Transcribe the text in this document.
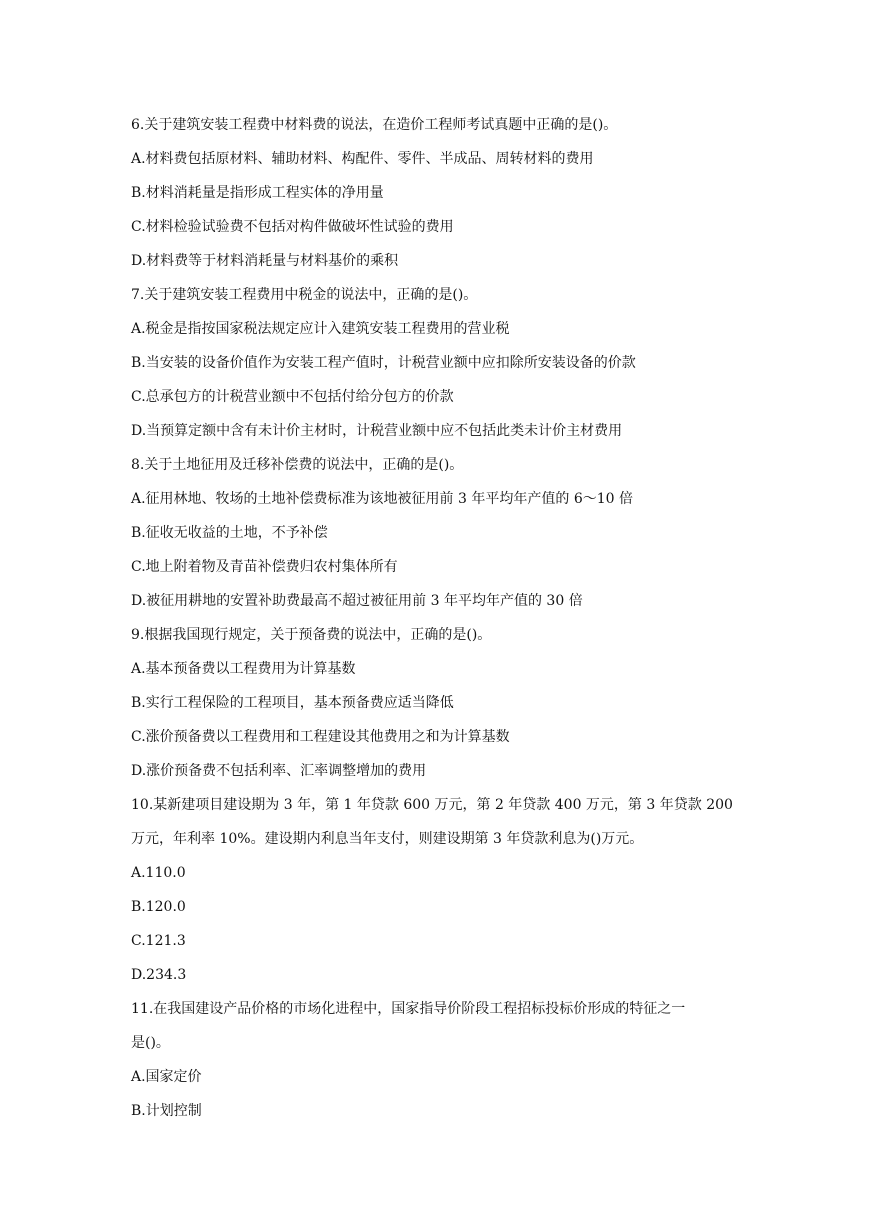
6.关于建筑安装工程费中材料费的说法，在造价工程师考试真题中正确的是()。

A.材料费包括原材料、辅助材料、构配件、零件、半成品、周转材料的费用

B.材料消耗量是指形成工程实体的净用量

C.材料检验试验费不包括对构件做破坏性试验的费用

D.材料费等于材料消耗量与材料基价的乘积

7.关于建筑安装工程费用中税金的说法中，正确的是()。

A.税金是指按国家税法规定应计入建筑安装工程费用的营业税

B.当安装的设备价值作为安装工程产值时，计税营业额中应扣除所安装设备的价款

C.总承包方的计税营业额中不包括付给分包方的价款

D.当预算定额中含有未计价主材时，计税营业额中应不包括此类未计价主材费用

8.关于土地征用及迁移补偿费的说法中，正确的是()。

A.征用林地、牧场的土地补偿费标准为该地被征用前 3 年平均年产值的 6～10 倍

B.征收无收益的土地，不予补偿

C.地上附着物及青苗补偿费归农村集体所有

D.被征用耕地的安置补助费最高不超过被征用前 3 年平均年产值的 30 倍

9.根据我国现行规定，关于预备费的说法中，正确的是()。

A.基本预备费以工程费用为计算基数

B.实行工程保险的工程项目，基本预备费应适当降低

C.涨价预备费以工程费用和工程建设其他费用之和为计算基数

D.涨价预备费不包括利率、汇率调整增加的费用

10.某新建项目建设期为 3 年，第 1 年贷款 600 万元，第 2 年贷款 400 万元，第 3 年贷款 200

万元，年利率 10%。建设期内利息当年支付，则建设期第 3 年贷款利息为()万元。

A.110.0

B.120.0

C.121.3

D.234.3

11.在我国建设产品价格的市场化进程中，国家指导价阶段工程招标投标价形成的特征之一

是()。

A.国家定价

B.计划控制
